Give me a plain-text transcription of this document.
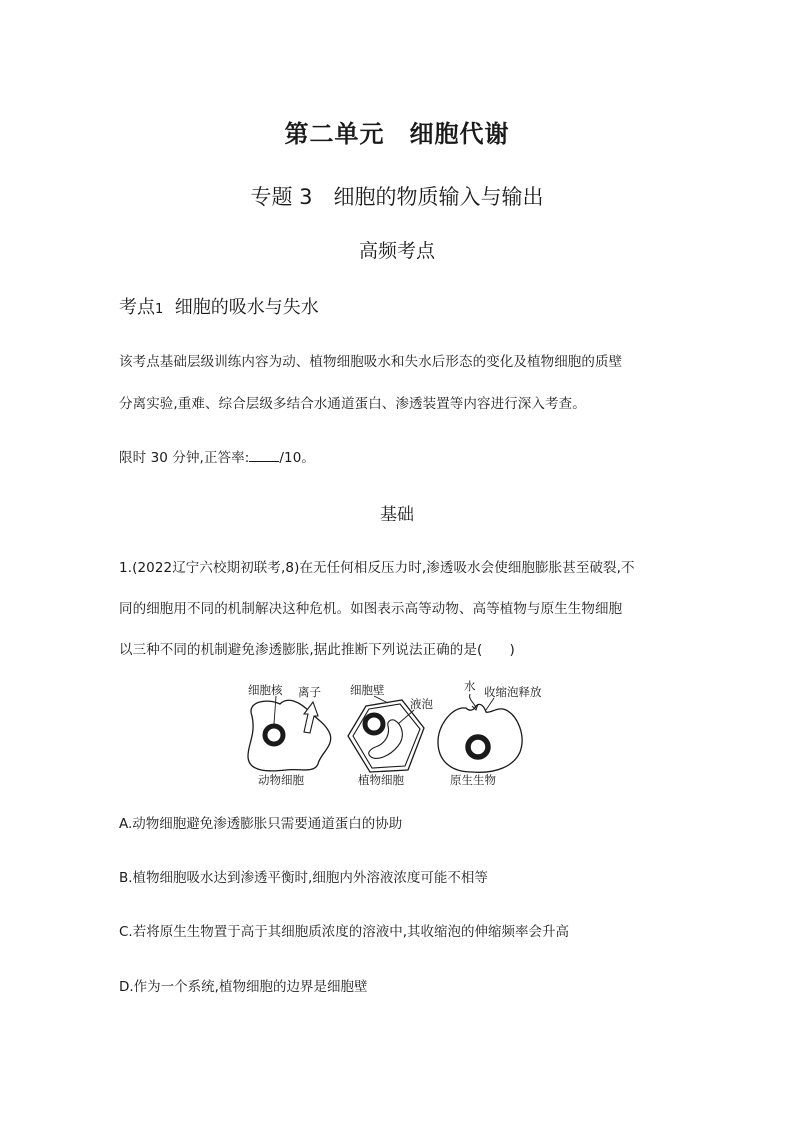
第二单元　细胞代谢
专题 3　细胞的物质输入与输出
高频考点
考点1 细胞的吸水与失水
该考点基础层级训练内容为动、植物细胞吸水和失水后形态的变化及植物细胞的质壁
分离实验,重难、综合层级多结合水通道蛋白、渗透装置等内容进行深入考查。
限时 30 分钟,正答率: /10。
基础
1.(2022辽宁六校期初联考,8)在无任何相反压力时,渗透吸水会使细胞膨胀甚至破裂,不
同的细胞用不同的机制解决这种危机。如图表示高等动物、高等植物与原生生物细胞
以三种不同的机制避免渗透膨胀,据此推断下列说法正确的是(　　)
细胞核 离子
动物细胞
细胞壁
液泡
植物细胞
水 收缩泡释放
原生生物
A.动物细胞避免渗透膨胀只需要通道蛋白的协助
B.植物细胞吸水达到渗透平衡时,细胞内外溶液浓度可能不相等
C.若将原生生物置于高于其细胞质浓度的溶液中,其收缩泡的伸缩频率会升高
D.作为一个系统,植物细胞的边界是细胞壁
